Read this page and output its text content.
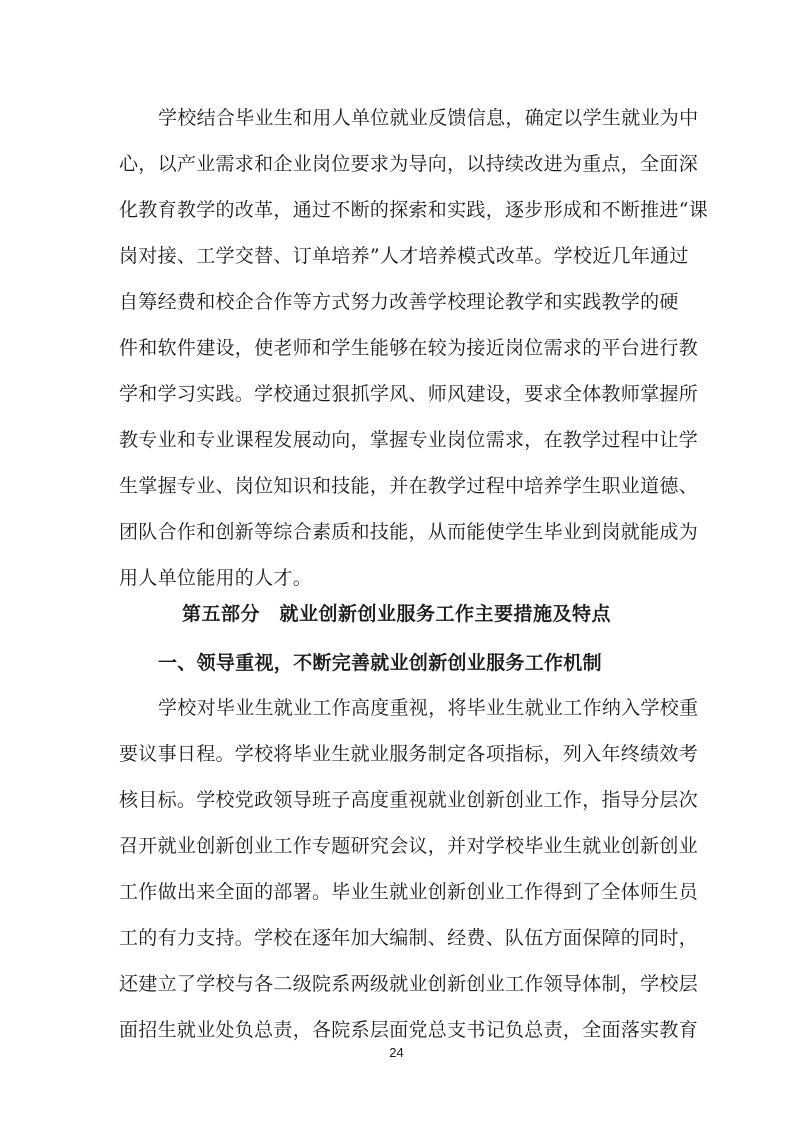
学校结合毕业生和用人单位就业反馈信息，确定以学生就业为中
心，以产业需求和企业岗位要求为导向，以持续改进为重点，全面深
化教育教学的改革，通过不断的探索和实践，逐步形成和不断推进“课
岗对接、工学交替、订单培养”人才培养模式改革。学校近几年通过
自筹经费和校企合作等方式努力改善学校理论教学和实践教学的硬
件和软件建设，使老师和学生能够在较为接近岗位需求的平台进行教
学和学习实践。学校通过狠抓学风、师风建设，要求全体教师掌握所
教专业和专业课程发展动向，掌握专业岗位需求，在教学过程中让学
生掌握专业、岗位知识和技能，并在教学过程中培养学生职业道德、
团队合作和创新等综合素质和技能，从而能使学生毕业到岗就能成为
用人单位能用的人才。
第五部分　就业创新创业服务工作主要措施及特点
一、领导重视，不断完善就业创新创业服务工作机制
学校对毕业生就业工作高度重视，将毕业生就业工作纳入学校重
要议事日程。学校将毕业生就业服务制定各项指标，列入年终绩效考
核目标。学校党政领导班子高度重视就业创新创业工作，指导分层次
召开就业创新创业工作专题研究会议，并对学校毕业生就业创新创业
工作做出来全面的部署。毕业生就业创新创业工作得到了全体师生员
工的有力支持。学校在逐年加大编制、经费、队伍方面保障的同时，
还建立了学校与各二级院系两级就业创新创业工作领导体制，学校层
面招生就业处负总责，各院系层面党总支书记负总责，全面落实教育
24
